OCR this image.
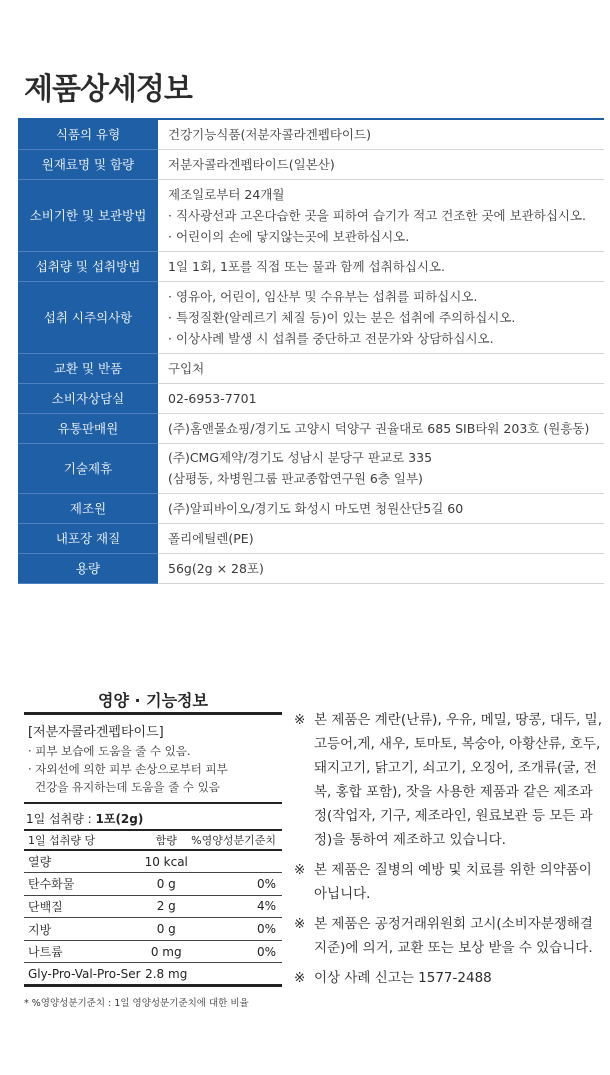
제품상세정보
식품의 유형	건강기능식품(저분자콜라겐펩타이드)

원재료명 및 함량	저분자콜라겐펩타이드(일본산)

소비기한 및 보관방법	제조일로부터 24개월
· 직사광선과 고온다습한 곳을 피하여 습기가 적고 건조한 곳에 보관하십시오.
· 어린이의 손에 닿지않는곳에 보관하십시오.

섭취량 및 섭취방법	1일 1회, 1포를 직접 또는 물과 함께 섭취하십시오.

섭취 시주의사항	· 영유아, 어린이, 임산부 및 수유부는 섭취를 피하십시오.
· 특정질환(알레르기 체질 등)이 있는 분은 섭취에 주의하십시오.
· 이상사례 발생 시 섭취를 중단하고 전문가와 상담하십시오.

교환 및 반품	구입처

소비자상담실	02-6953-7701

유통판매원	(주)홈앤몰쇼핑/경기도 고양시 덕양구 권율대로 685 SIB타워 203호 (원흥동)

기술제휴	(주)CMG제약/경기도 성남시 분당구 판교로 335
(삼평동, 차병원그룹 판교종합연구원 6층 일부)

제조원	(주)알피바이오/경기도 화성시 마도면 청원산단5길 60

내포장 재질	폴리에틸렌(PE)

용량	56g(2g × 28포)
영양 · 기능정보
[저분자콜라겐펩타이드]
· 피부 보습에 도움을 줄 수 있음.
· 자외선에 의한 피부 손상으로부터 피부
건강을 유지하는데 도움을 줄 수 있음
1일 섭취량 : 1포(2g)
1일 섭취량 당	함량	%영양성분기준치
열량	10 kcal	
탄수화물	0 g	0%
단백질	2 g	4%
지방	0 g	0%
나트륨	0 mg	0%
Gly-Pro-Val-Pro-Ser	2.8 mg	
* %영양성분기준치 : 1일 영양성분기준치에 대한 비율
※ 본 제품은 계란(난류), 우유, 메밀, 땅콩, 대두, 밀, 고등어,게, 새우, 토마토, 복숭아, 아황산류, 호두, 돼지고기, 닭고기, 쇠고기, 오징어, 조개류(굴, 전복, 홍합 포함), 잣을 사용한 제품과 같은 제조과정(작업자, 기구, 제조라인, 원료보관 등 모든 과정)을 통하여 제조하고 있습니다.
※ 본 제품은 질병의 예방 및 치료를 위한 의약품이 아닙니다.
※ 본 제품은 공정거래위원회 고시(소비자분쟁해결지준)에 의거, 교환 또는 보상 받을 수 있습니다.
※ 이상 사례 신고는 1577-2488
